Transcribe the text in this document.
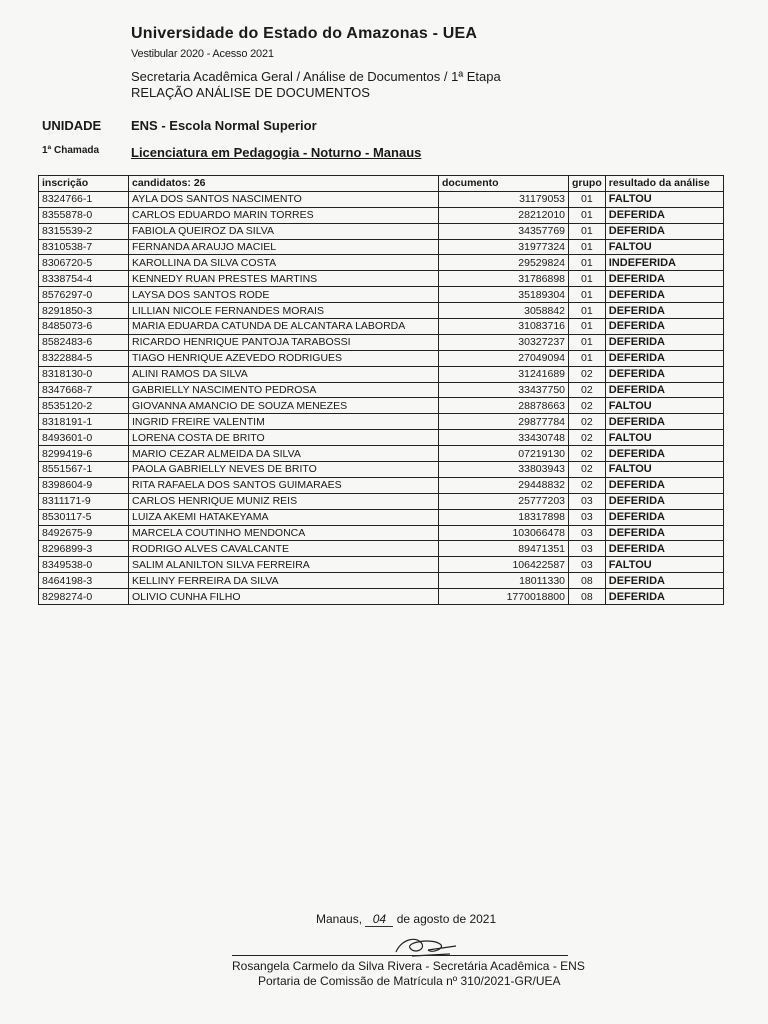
Universidade do Estado do Amazonas - UEA
Vestibular 2020 - Acesso 2021
Secretaria Acadêmica Geral / Análise de Documentos / 1ª Etapa
RELAÇÃO ANÁLISE DE DOCUMENTOS
UNIDADE ENS - Escola Normal Superior
1ª Chamada Licenciatura em Pedagogia - Noturno - Manaus
inscrição	candidatos: 26	documento	grupo	resultado da análise
8324766-1	AYLA DOS SANTOS NASCIMENTO	31179053	01	FALTOU
8355878-0	CARLOS EDUARDO MARIN TORRES	28212010	01	DEFERIDA
8315539-2	FABIOLA QUEIROZ DA SILVA	34357769	01	DEFERIDA
8310538-7	FERNANDA ARAUJO MACIEL	31977324	01	FALTOU
8306720-5	KAROLLINA DA SILVA COSTA	29529824	01	INDEFERIDA
8338754-4	KENNEDY RUAN PRESTES MARTINS	31786898	01	DEFERIDA
8576297-0	LAYSA DOS SANTOS RODE	35189304	01	DEFERIDA
8291850-3	LILLIAN NICOLE FERNANDES MORAIS	3058842	01	DEFERIDA
8485073-6	MARIA EDUARDA CATUNDA DE ALCANTARA LABORDA	31083716	01	DEFERIDA
8582483-6	RICARDO HENRIQUE PANTOJA TARABOSSI	30327237	01	DEFERIDA
8322884-5	TIAGO HENRIQUE AZEVEDO RODRIGUES	27049094	01	DEFERIDA
8318130-0	ALINI RAMOS DA SILVA	31241689	02	DEFERIDA
8347668-7	GABRIELLY NASCIMENTO PEDROSA	33437750	02	DEFERIDA
8535120-2	GIOVANNA AMANCIO DE SOUZA MENEZES	28878663	02	FALTOU
8318191-1	INGRID FREIRE VALENTIM	29877784	02	DEFERIDA
8493601-0	LORENA COSTA DE BRITO	33430748	02	FALTOU
8299419-6	MARIO CEZAR ALMEIDA DA SILVA	07219130	02	DEFERIDA
8551567-1	PAOLA GABRIELLY NEVES DE BRITO	33803943	02	FALTOU
8398604-9	RITA RAFAELA DOS SANTOS GUIMARAES	29448832	02	DEFERIDA
8311171-9	CARLOS HENRIQUE MUNIZ REIS	25777203	03	DEFERIDA
8530117-5	LUIZA AKEMI HATAKEYAMA	18317898	03	DEFERIDA
8492675-9	MARCELA COUTINHO MENDONCA	103066478	03	DEFERIDA
8296899-3	RODRIGO ALVES CAVALCANTE	89471351	03	DEFERIDA
8349538-0	SALIM ALANILTON SILVA FERREIRA	106422587	03	FALTOU
8464198-3	KELLINY FERREIRA DA SILVA	18011330	08	DEFERIDA
8298274-0	OLIVIO CUNHA FILHO	1770018800	08	DEFERIDA
Manaus, 04 de agosto de 2021
Rosangela Carmelo da Silva Rivera - Secretária Acadêmica - ENS
Portaria de Comissão de Matrícula nº 310/2021-GR/UEA
